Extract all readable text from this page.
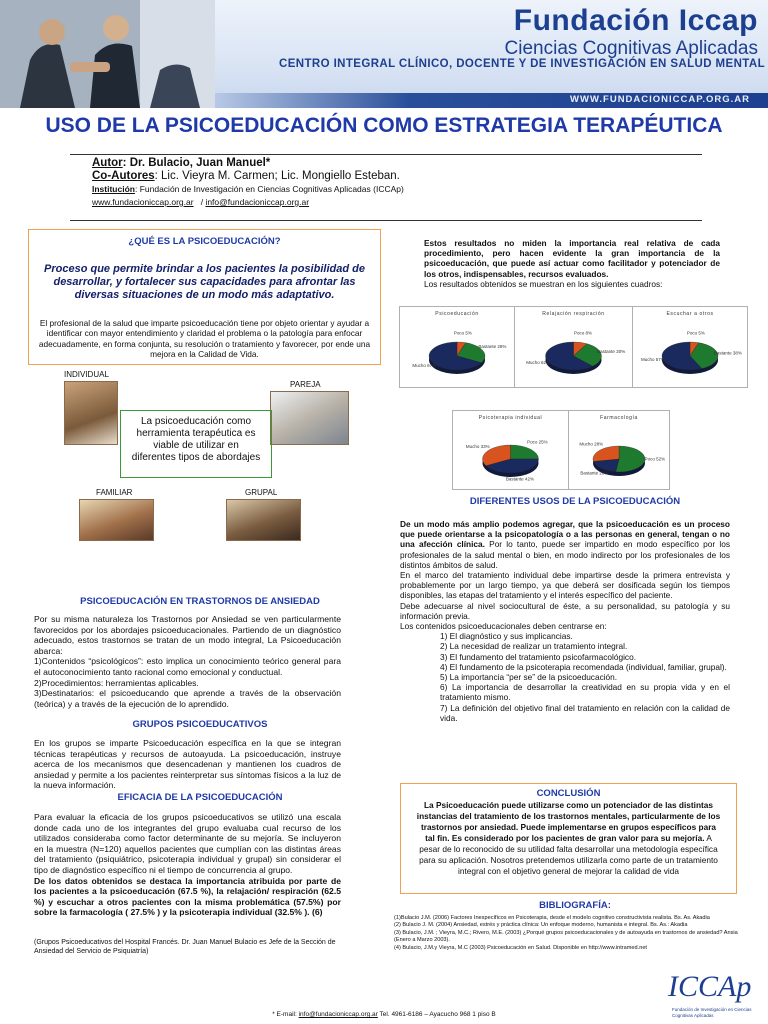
Fundación Iccap
Ciencias Cognitivas Aplicadas
CENTRO INTEGRAL CLÍNICO, DOCENTE Y DE INVESTIGACIÓN EN SALUD MENTAL
WWW.FUNDACIONICCAP.ORG.AR
USO DE LA PSICOEDUCACIÓN COMO ESTRATEGIA TERAPÉUTICA
Autor: Dr. Bulacio, Juan Manuel*
Co-Autores: Lic. Vieyra M. Carmen; Lic. Mongiello Esteban.
Institución: Fundación de Investigación en Ciencias Cognitivas Aplicadas (ICCAp)
www.fundacioniccap.org.ar / info@fundacioniccap.org.ar
¿QUÉ ES LA PSICOEDUCACIÓN?
Proceso que permite brindar a los pacientes la posibilidad de desarrollar, y fortalecer sus capacidades para afrontar las diversas situaciones de un modo más adaptativo.
El profesional de la salud que imparte psicoeducación tiene por objeto orientar y ayudar a identificar con mayor entendimiento y claridad el problema o la patología para enfocar adecuadamente, en forma conjunta, su resolución o tratamiento y favorecer, por ende una mejora en la Calidad de Vida.
INDIVIDUAL
PAREJA
La psicoeducación como herramienta terapéutica es viable de utilizar en diferentes tipos de abordajes
FAMILIAR	GRUPAL
PSICOEDUCACIÓN EN TRASTORNOS DE ANSIEDAD
Por su misma naturaleza los Trastornos por Ansiedad se ven particularmente favorecidos por los abordajes psicoeducacionales. Partiendo de un diagnóstico adecuado, estos trastornos se tratan de un modo integral, La Psicoeducación abarca:
1)Contenidos “psicológicos”: esto implica un conocimiento teórico general para el autoconocimiento tanto racional como emocional y conductual.
2)Procedimientos: herramientas aplicables.
3)Destinatarios: el psicoeducando que aprende a través de la observación (teórica) y a través de la ejecución de lo aprendido.
GRUPOS PSICOEDUCATIVOS
En los grupos se imparte Psicoeducación específica en la que se integran técnicas terapéuticas y recursos de autoayuda. La psicoeducación, instruye acerca de los mecanismos que desencadenan y mantienen los cuadros de ansiedad y permite a los pacientes reinterpretar sus síntomas físicos a la luz de la nueva información.
EFICACIA DE LA PSICOEDUCACIÓN
Para evaluar la eficacia de los grupos psicoeducativos se utilizó una escala donde cada uno de los integrantes del grupo evaluaba cual recurso de los utilizados consideraba como factor determinante de su mejoría. Se incluyeron en la muestra (N=120) aquellos pacientes que cumplían con las distintas áreas del tratamiento (psiquiátrico, psicoterapia individual y grupal) sin considerar el tipo de diagnóstico específico ni el tiempo de concurrencia al grupo.
De los datos obtenidos se destaca la importancia atribuida por parte de los pacientes a la psicoeducación (67.5 %), la relajación/ respiración (62.5 %) y escuchar a otros pacientes con la misma problemática (57.5%) por sobre la farmacología ( 27.5% ) y la psicoterapia individual (32.5% ). (6)
(Grupos Psicoeducativos del Hospital Francés. Dr. Juan Manuel Bulacio es Jefe de la Sección de Ansiedad del Servicio de Psiquiatría)
Estos resultados no miden la importancia real relativa de cada procedimiento, pero hacen evidente la gran importancia de la psicoeducación, que puede así actuar como facilitador y potenciador de los otros, indispensables, recursos evaluados.
Los resultados obtenidos se muestran en los siguientes cuadros:
Psicoeducación
Poco 5%
Bastante 28%
Mucho 67%
Relajación respiración
Poco 8%
Bastante 30%
Mucho 62%
Escuchar a otros
Poco 5%
Bastante 38%
Mucho 57%
Psicoterapia individual
Poco 25%
Bastante 42%
Mucho 33%
Farmacología
Poco 52%
Bastante 20%
Mucho 28%
DIFERENTES USOS DE LA PSICOEDUCACIÓN
De un modo más amplio podemos agregar, que la psicoeducación es un proceso que puede orientarse a la psicopatología o a las personas en general, tengan o no una afección clínica. Por lo tanto, puede ser impartido en modo específico por los profesionales de la salud mental o bien, en modo indirecto por los profesionales de los distintos ámbitos de salud.
En el marco del tratamiento individual debe impartirse desde la primera entrevista y probablemente por un largo tiempo, ya que deberá ser dosificada según los tiempos disponibles, las etapas del tratamiento y el interés específico del paciente.
Debe adecuarse al nivel sociocultural de éste, a su personalidad, su patología y su información previa.
Los contenidos psicoeducacionales deben centrarse en:
1) El diagnóstico y sus implicancias.
2) La necesidad de realizar un tratamiento integral.
3) El fundamento del tratamiento psicofarmacológico.
4) El fundamento de la psicoterapia recomendada (individual, familiar, grupal).
5) La importancia “per se” de la psicoeducación.
6) La importancia de desarrollar la creatividad en su propia vida y en el tratamiento mismo.
7) La definición del objetivo final del tratamiento en relación con la calidad de vida.
CONCLUSIÓN
La Psicoeducación puede utilizarse como un potenciador de las distintas instancias del tratamiento de los trastornos mentales, particularmente de los trastornos por ansiedad. Puede implementarse en grupos específicos para tal fin. Es considerado por los pacientes de gran valor para su mejoría. A pesar de lo reconocido de su utilidad falta desarrollar una metodología específica para su aplicación. Nosotros pretendemos utilizarla como parte de un tratamiento integral con el objetivo general de mejorar la calidad de vida
BIBLIOGRAFÍA:
(1)Bulacio J.M. (2006) Factores Inespecíficos en Psicoterapia, desde el modelo cognitivo constructivista realista. Bs. As. Akadia
(2) Bulacio J. M. (2004) Ansiedad, estrés y práctica clínica: Un enfoque moderno, humanista e integral. Bs. As.: Akadia
(3) Bulacio, J.M. ; Vieyra, M.C.; Rivero, M.E. (2003) ¿Porqué grupos psicoeducacionales y de autoayuda en trastornos de ansiedad? Ansia (Enero a Marzo 2003).
(4) Bulacio, J.M.y Vieyra, M.C (2003) Psicoeducación en Salud. Disponible en http://www.intramed.net
* E-mail: info@fundacioniccap.org.ar Tel. 4961-6186 – Ayacucho 968 1 piso B
ICCAp
Fundación de Investigación en Ciencias Cognitivas Aplicadas
